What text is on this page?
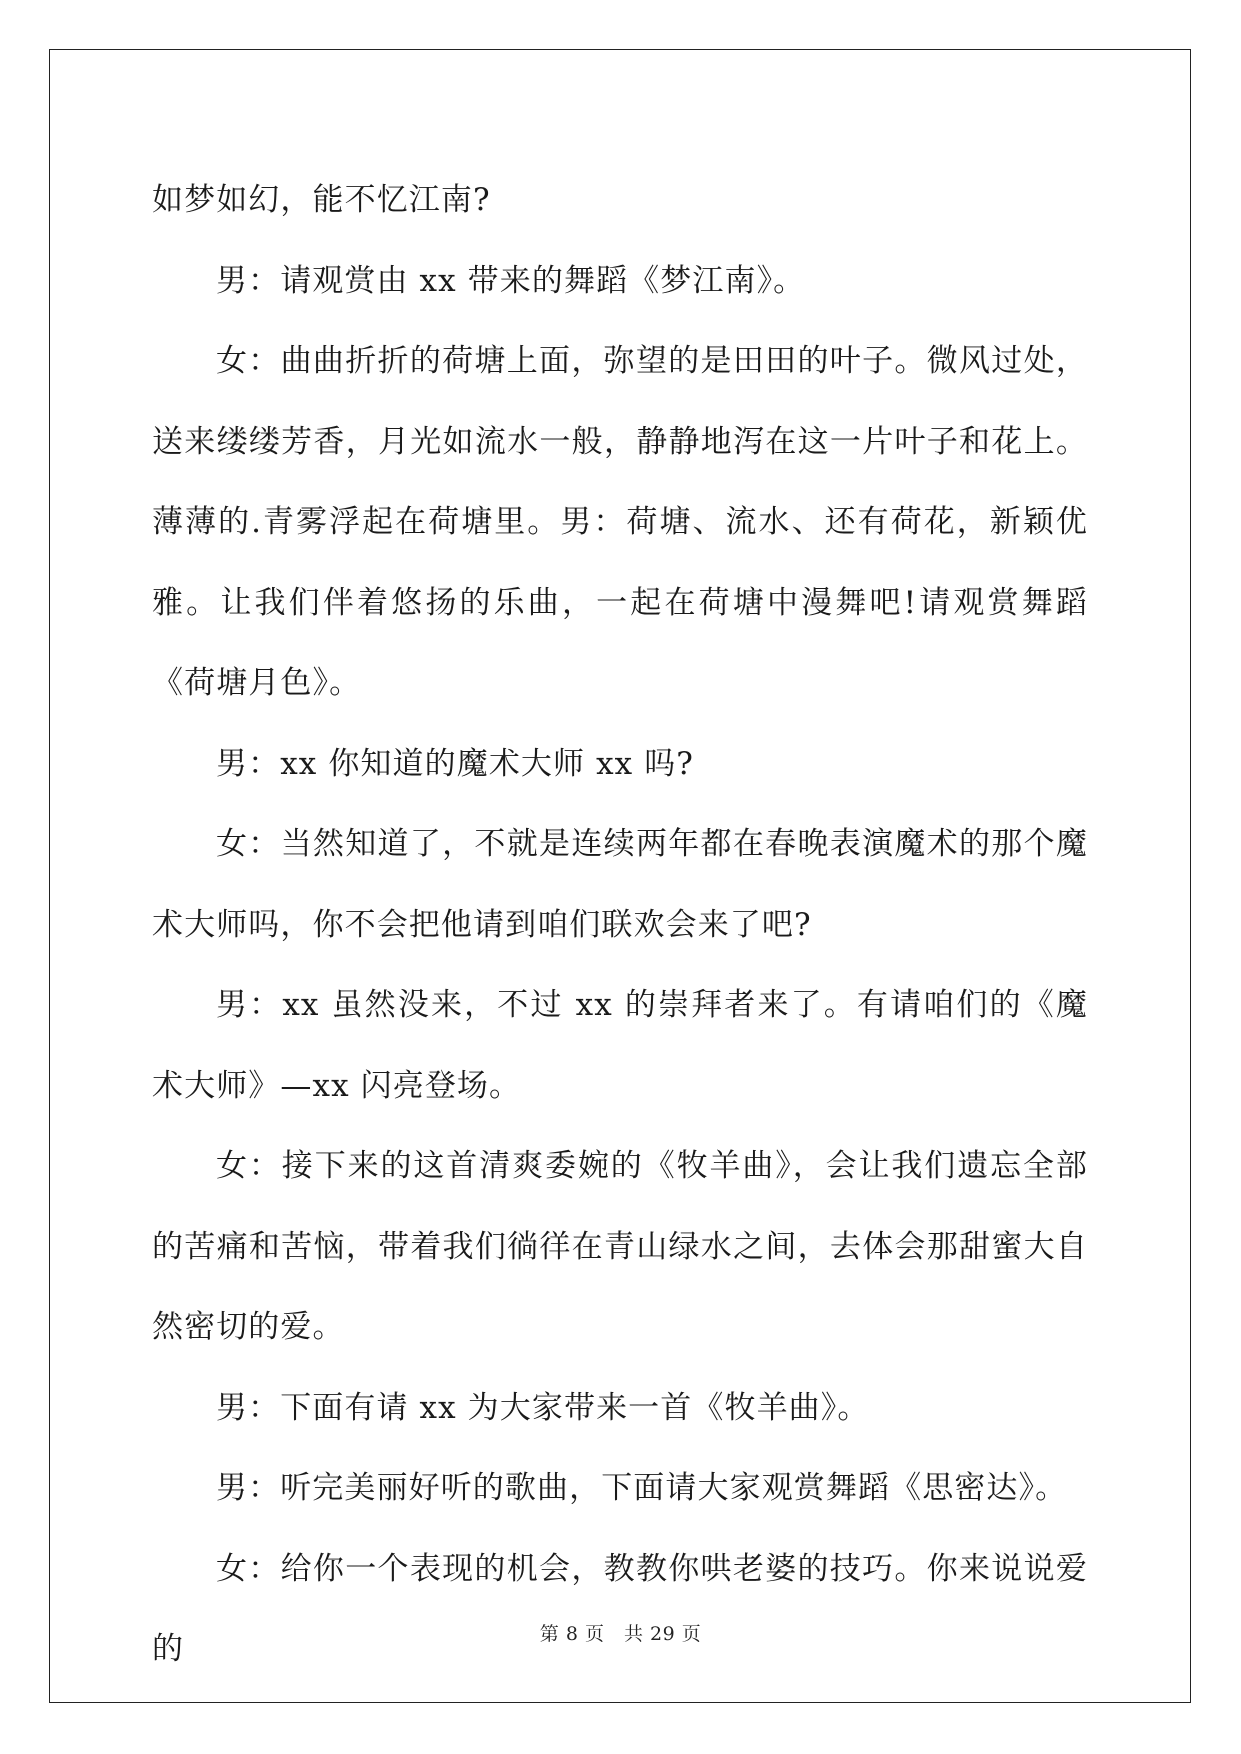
如梦如幻，能不忆江南?

男：请观赏由 xx 带来的舞蹈《梦江南》。

女：曲曲折折的荷塘上面，弥望的是田田的叶子。微风过处，送来缕缕芳香，月光如流水一般，静静地泻在这一片叶子和花上。薄薄的.青雾浮起在荷塘里。男：荷塘、流水、还有荷花，新颖优雅。让我们伴着悠扬的乐曲，一起在荷塘中漫舞吧!请观赏舞蹈《荷塘月色》。

男：xx 你知道的魔术大师 xx 吗?

女：当然知道了，不就是连续两年都在春晚表演魔术的那个魔术大师吗，你不会把他请到咱们联欢会来了吧?

男：xx 虽然没来，不过 xx 的崇拜者来了。有请咱们的《魔术大师》—xx 闪亮登场。

女：接下来的这首清爽委婉的《牧羊曲》，会让我们遗忘全部的苦痛和苦恼，带着我们徜徉在青山绿水之间，去体会那甜蜜大自然密切的爱。

男：下面有请 xx 为大家带来一首《牧羊曲》。

男：听完美丽好听的歌曲，下面请大家观赏舞蹈《思密达》。

女：给你一个表现的机会，教教你哄老婆的技巧。你来说说爱的	第 8 页　共 29 页
